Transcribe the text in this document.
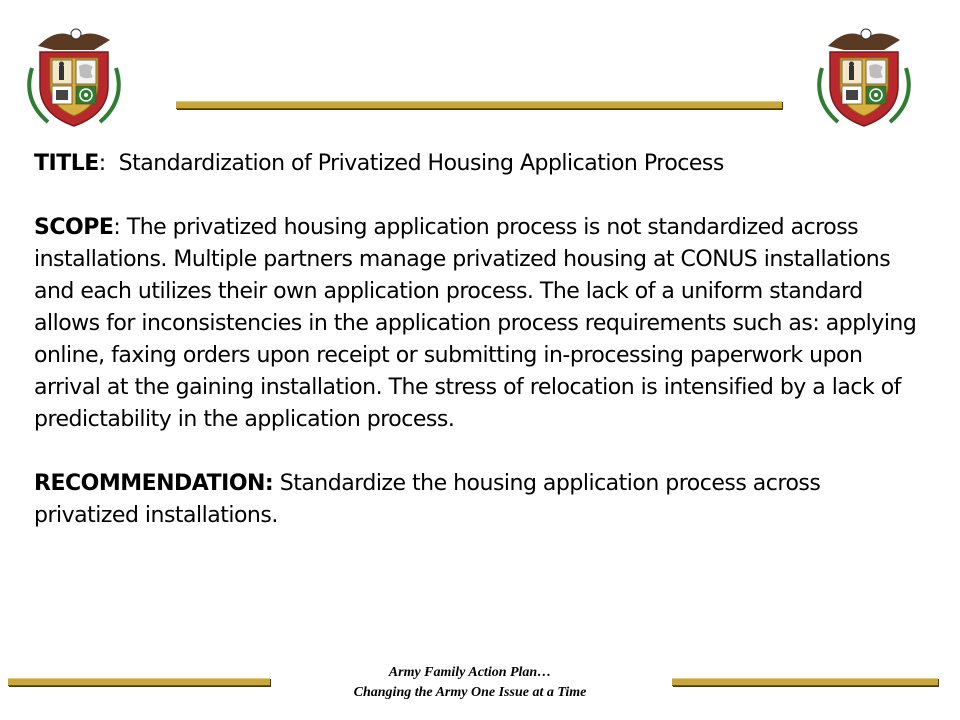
TITLE:  Standardization of Privatized Housing Application Process

SCOPE: The privatized housing application process is not standardized across installations. Multiple partners manage privatized housing at CONUS installations and each utilizes their own application process. The lack of a uniform standard allows for inconsistencies in the application process requirements such as: applying online, faxing orders upon receipt or submitting in-processing paperwork upon arrival at the gaining installation. The stress of relocation is intensified by a lack of predictability in the application process.

RECOMMENDATION: Standardize the housing application process across privatized installations.

Army Family Action Plan…
Changing the Army One Issue at a Time
